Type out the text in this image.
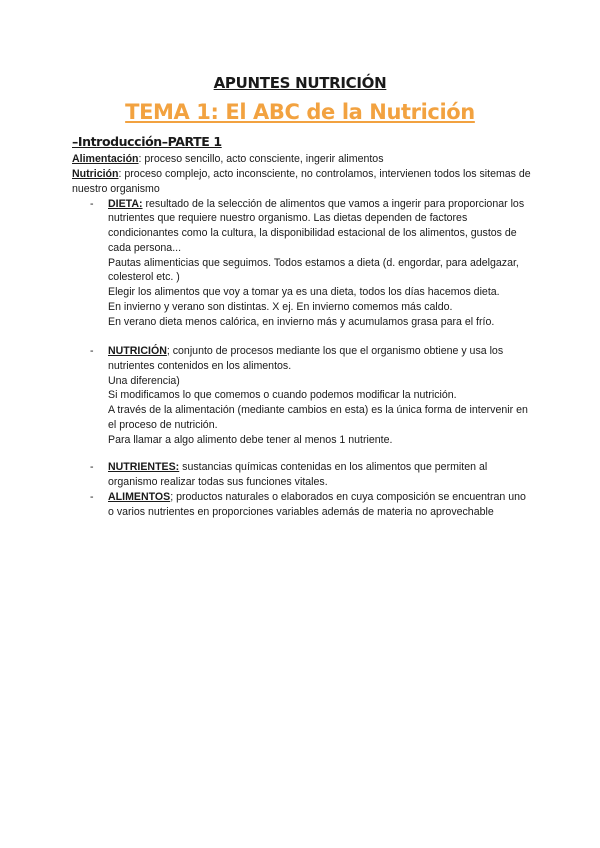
APUNTES NUTRICIÓN
TEMA 1: El ABC de la Nutrición
–Introducción–PARTE 1
Alimentación: proceso sencillo, acto consciente, ingerir alimentos
Nutrición: proceso complejo, acto inconsciente, no controlamos, intervienen todos los sitemas de nuestro organismo
- DIETA: resultado de la selección de alimentos que vamos a ingerir para proporcionar los nutrientes que requiere nuestro organismo. Las dietas dependen de factores condicionantes como la cultura, la disponibilidad estacional de los alimentos, gustos de cada persona...

Pautas alimenticias que seguimos. Todos estamos a dieta (d. engordar, para adelgazar, colesterol etc. )

Elegir los alimentos que voy a tomar ya es una dieta, todos los días hacemos dieta.

En invierno y verano son distintas. X ej. En invierno comemos más caldo.

En verano dieta menos calórica, en invierno más y acumulamos grasa para el frío.

- NUTRICIÓN; conjunto de procesos mediante los que el organismo obtiene y usa los nutrientes contenidos en los alimentos.

Una diferencia)

Si modificamos lo que comemos o cuando podemos modificar la nutrición.

A través de la alimentación (mediante cambios en esta) es la única forma de intervenir en el proceso de nutrición.

Para llamar a algo alimento debe tener al menos 1 nutriente.

- NUTRIENTES: sustancias químicas contenidas en los alimentos que permiten al organismo realizar todas sus funciones vitales.

- ALIMENTOS; productos naturales o elaborados en cuya composición se encuentran uno o varios nutrientes en proporciones variables además de materia no aprovechable
